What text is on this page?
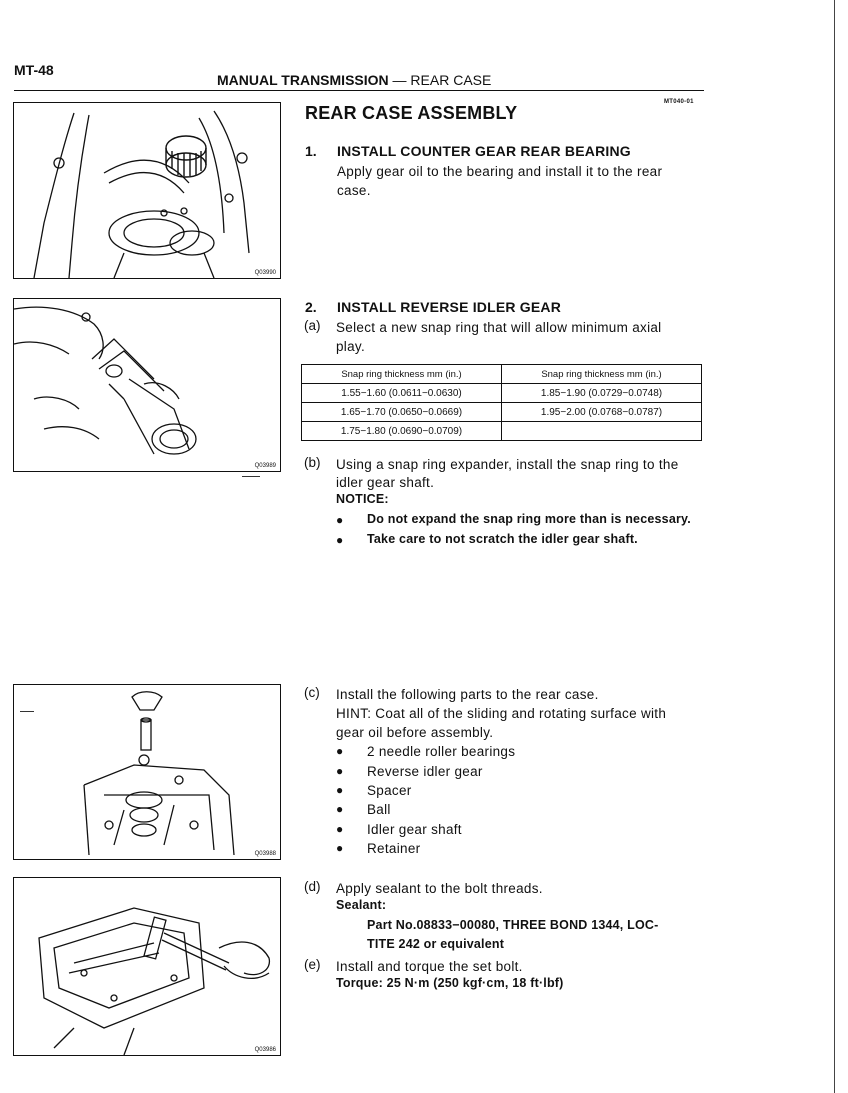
MT-48
MANUAL TRANSMISSION — REAR CASE
MT040-01
REAR CASE ASSEMBLY
1. INSTALL COUNTER GEAR REAR BEARING
Apply gear oil to the bearing and install it to the rear
case.
2. INSTALL REVERSE IDLER GEAR
(a) Select a new snap ring that will allow minimum axial
play.
Snap ring thickness mm (in.)	Snap ring thickness mm (in.)
1.55−1.60 (0.0611−0.0630)	1.85−1.90 (0.0729−0.0748)
1.65−1.70 (0.0650−0.0669)	1.95−2.00 (0.0768−0.0787)
1.75−1.80 (0.0690−0.0709)	
(b) Using a snap ring expander, install the snap ring to the
idler gear shaft.
NOTICE:
● Do not expand the snap ring more than is necessary.
● Take care to not scratch the idler gear shaft.
(c) Install the following parts to the rear case.
HINT: Coat all of the sliding and rotating surface with
gear oil before assembly.
● 2 needle roller bearings
● Reverse idler gear
● Spacer
● Ball
● Idler gear shaft
● Retainer
(d) Apply sealant to the bolt threads.
Sealant:
Part No.08833−00080, THREE BOND 1344, LOC-
TITE 242 or equivalent
(e) Install and torque the set bolt.
Torque: 25 N·m (250 kgf·cm, 18 ft·lbf)
Q03990
Q03989
Q03988
Q03986
